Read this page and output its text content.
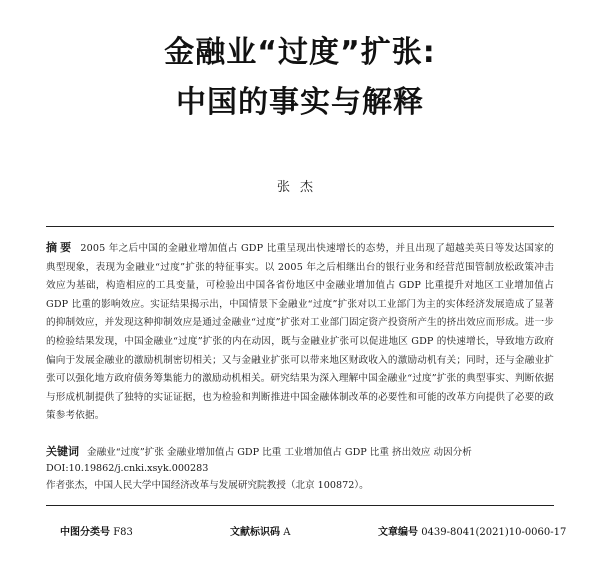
金融业“过度”扩张:
中国的事实与解释
张杰
摘要 2005 年之后中国的金融业增加值占 GDP 比重呈现出快速增长的态势，并且出现了超越美英日等发达国家的典型现象，表现为金融业“过度”扩张的特征事实。以 2005 年之后相继出台的银行业务和经营范围管制放松政策冲击效应为基础，构造相应的工具变量，可检验出中国各省份地区中金融业增加值占 GDP 比重提升对地区工业增加值占 GDP 比重的影响效应。实证结果揭示出，中国情景下金融业“过度”扩张对以工业部门为主的实体经济发展造成了显著的抑制效应，并发现这种抑制效应是通过金融业“过度”扩张对工业部门固定资产投资所产生的挤出效应而形成。进一步的检验结果发现，中国金融业“过度”扩张的内在动因，既与金融业扩张可以促进地区 GDP 的快速增长，导致地方政府偏向于发展金融业的激励机制密切相关；又与金融业扩张可以带来地区财政收入的激励动机有关；同时，还与金融业扩张可以强化地方政府债务筹集能力的激励动机相关。研究结果为深入理解中国金融业“过度”扩张的典型事实、判断依据与形成机制提供了独特的实证证据，也为检验和判断推进中国金融体制改革的必要性和可能的改革方向提供了必要的政策参考依据。
关键词 金融业“过度”扩张 金融业增加值占 GDP 比重 工业增加值占 GDP 比重 挤出效应 动因分析
DOI:10.19862/j.cnki.xsyk.000283
作者张杰，中国人民大学中国经济改革与发展研究院教授（北京 100872）。
中图分类号 F83	文献标识码 A	文章编号 0439-8041(2021)10-0060-17
